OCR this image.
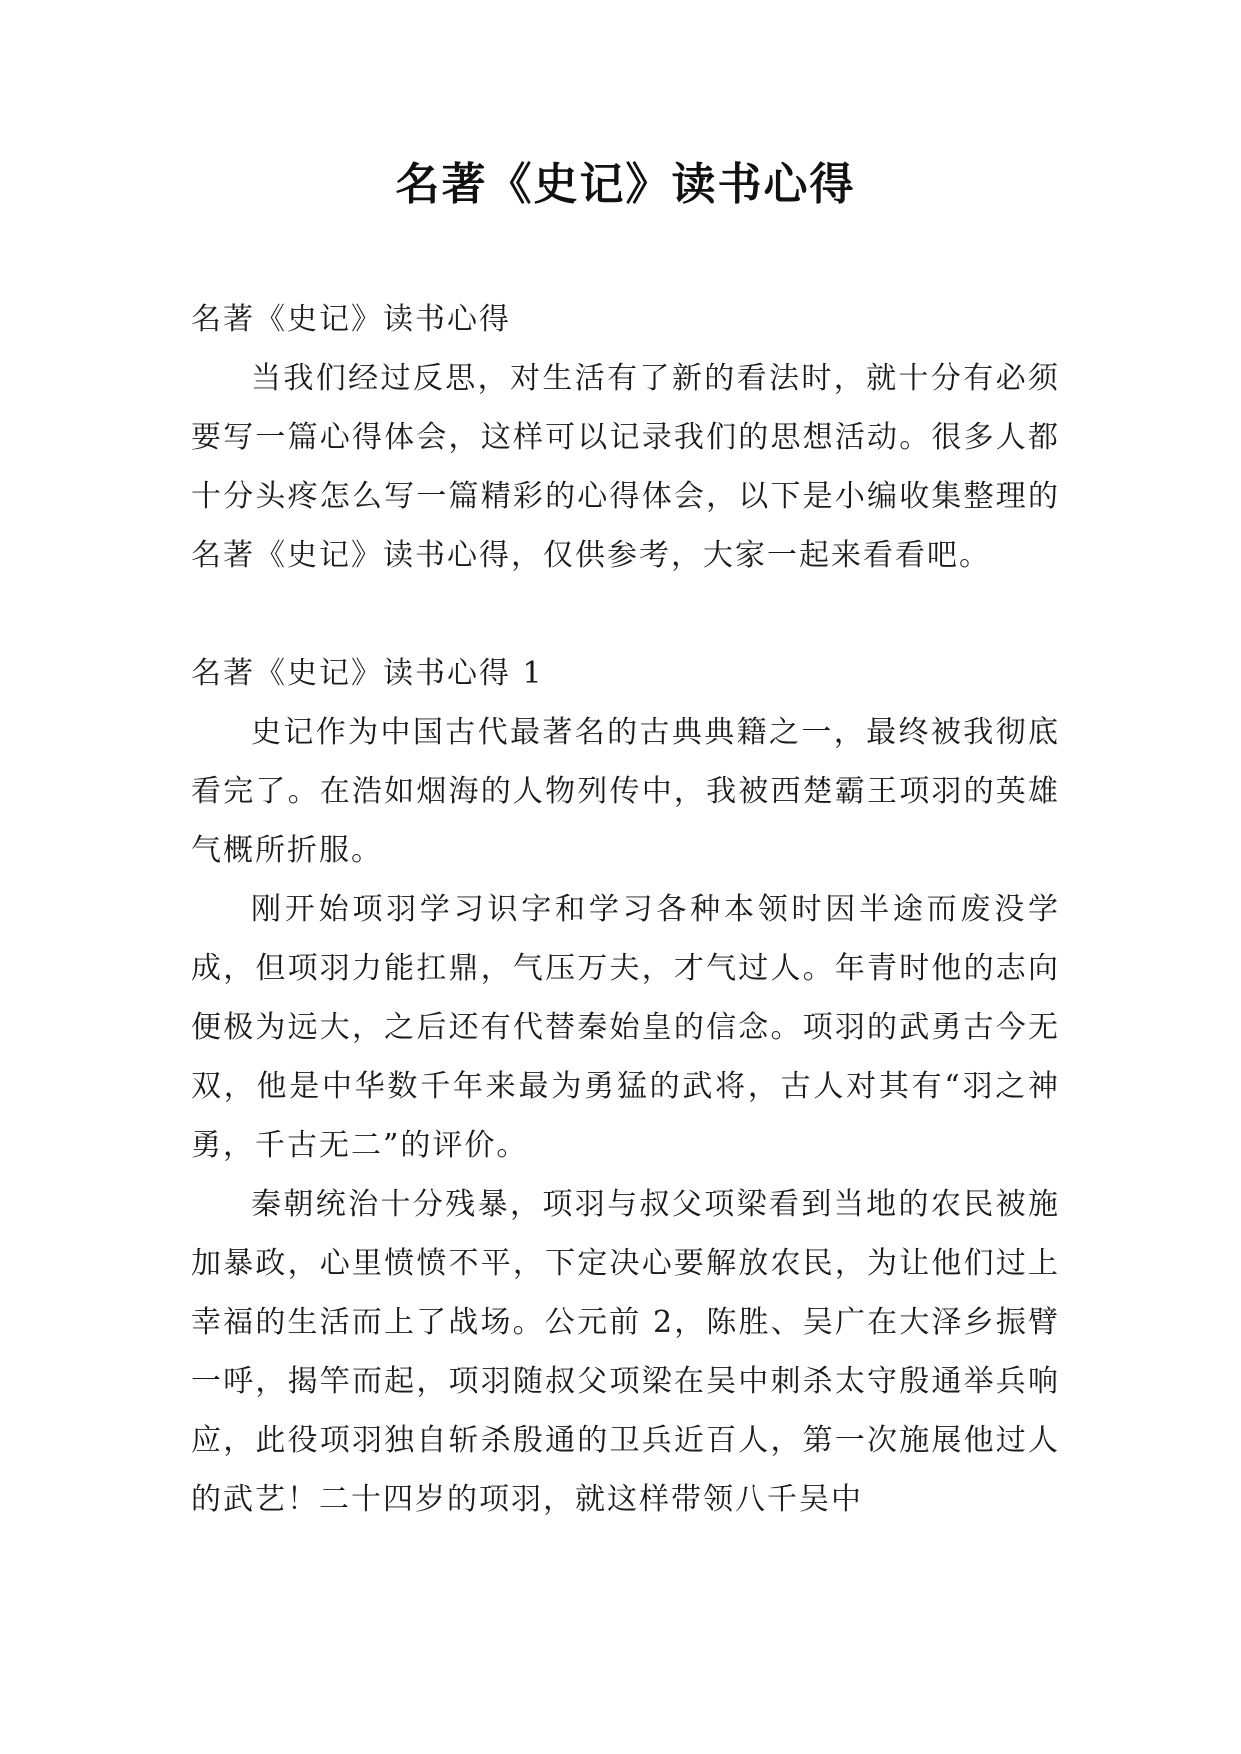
名著《史记》读书心得
名著《史记》读书心得

当我们经过反思，对生活有了新的看法时，就十分有必须要写一篇心得体会，这样可以记录我们的思想活动。很多人都十分头疼怎么写一篇精彩的心得体会，以下是小编收集整理的名著《史记》读书心得，仅供参考，大家一起来看看吧。

名著《史记》读书心得 1

史记作为中国古代最著名的古典典籍之一，最终被我彻底看完了。在浩如烟海的人物列传中，我被西楚霸王项羽的英雄气概所折服。

刚开始项羽学习识字和学习各种本领时因半途而废没学成，但项羽力能扛鼎，气压万夫，才气过人。年青时他的志向便极为远大，之后还有代替秦始皇的信念。项羽的武勇古今无双，他是中华数千年来最为勇猛的武将，古人对其有“羽之神勇，千古无二”的评价。

秦朝统治十分残暴，项羽与叔父项梁看到当地的农民被施加暴政，心里愤愤不平，下定决心要解放农民，为让他们过上幸福的生活而上了战场。公元前 2，陈胜、吴广在大泽乡振臂一呼，揭竿而起，项羽随叔父项梁在吴中刺杀太守殷通举兵响应，此役项羽独自斩杀殷通的卫兵近百人，第一次施展他过人的武艺！二十四岁的项羽，就这样带领八千吴中
